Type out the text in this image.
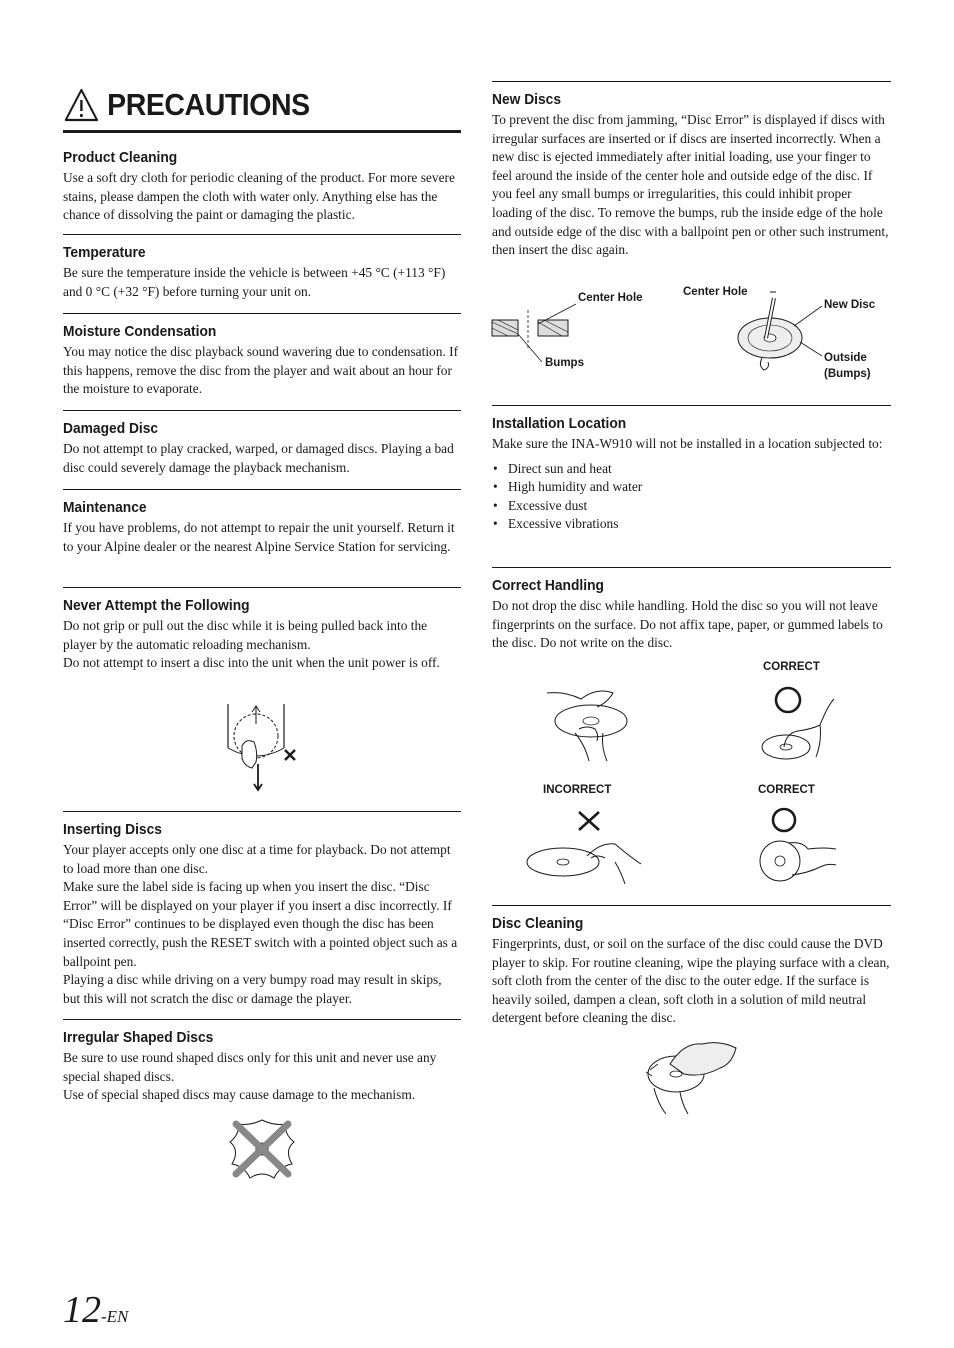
PRECAUTIONS
Product Cleaning

Use a soft dry cloth for periodic cleaning of the product. For more severe stains, please dampen the cloth with water only. Anything else has the chance of dissolving the paint or damaging the plastic.

Temperature

Be sure the temperature inside the vehicle is between +45 °C (+113 °F) and 0 °C (+32 °F) before turning your unit on.

Moisture Condensation

You may notice the disc playback sound wavering due to condensation. If this happens, remove the disc from the player and wait about an hour for the moisture to evaporate.

Damaged Disc

Do not attempt to play cracked, warped, or damaged discs. Playing a bad disc could severely damage the playback mechanism.

Maintenance

If you have problems, do not attempt to repair the unit yourself. Return it to your Alpine dealer or the nearest Alpine Service Station for servicing.

Never Attempt the Following

Do not grip or pull out the disc while it is being pulled back into the player by the automatic reloading mechanism.

Do not attempt to insert a disc into the unit when the unit power is off.

Inserting Discs

Your player accepts only one disc at a time for playback. Do not attempt to load more than one disc.

Make sure the label side is facing up when you insert the disc. “Disc Error” will be displayed on your player if you insert a disc incorrectly. If “Disc Error” continues to be displayed even though the disc has been inserted correctly, push the RESET switch with a pointed object such as a ballpoint pen.

Playing a disc while driving on a very bumpy road may result in skips, but this will not scratch the disc or damage the player.

Irregular Shaped Discs

Be sure to use round shaped discs only for this unit and never use any special shaped discs.

Use of special shaped discs may cause damage to the mechanism.

New Discs

To prevent the disc from jamming, “Disc Error” is displayed if discs with irregular surfaces are inserted or if discs are inserted incorrectly. When a new disc is ejected immediately after initial loading, use your finger to feel around the inside of the center hole and outside edge of the disc. If you feel any small bumps or irregularities, this could inhibit proper loading of the disc. To remove the bumps, rub the inside edge of the hole and outside edge of the disc with a ballpoint pen or other such instrument, then insert the disc again.

Center Hole
Bumps
Center Hole
New Disc
Outside
(Bumps)
Installation Location

Make sure the INA-W910 will not be installed in a location subjected to:

• Direct sun and heat
• High humidity and water
• Excessive dust
• Excessive vibrations
Correct Handling

Do not drop the disc while handling. Hold the disc so you will not leave fingerprints on the surface. Do not affix tape, paper, or gummed labels to the disc. Do not write on the disc.

CORRECT
INCORRECT	CORRECT
Disc Cleaning

Fingerprints, dust, or soil on the surface of the disc could cause the DVD player to skip. For routine cleaning, wipe the playing surface with a clean, soft cloth from the center of the disc to the outer edge. If the surface is heavily soiled, dampen a clean, soft cloth in a solution of mild neutral detergent before cleaning the disc.

12-EN
